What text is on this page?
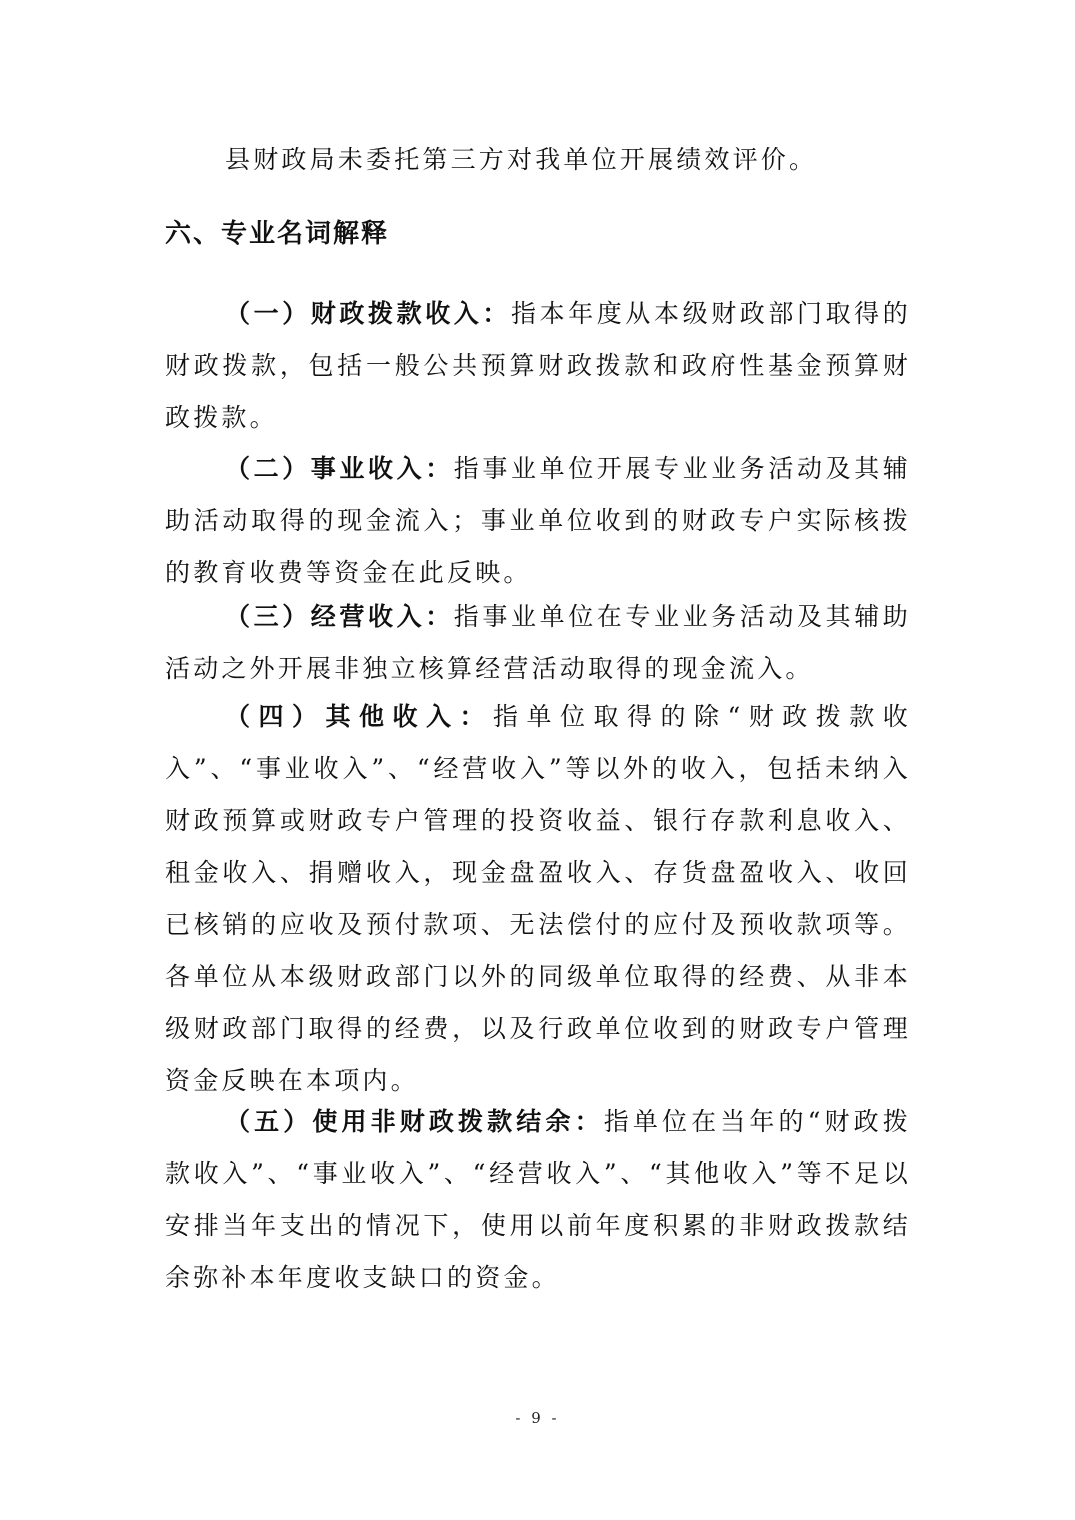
县财政局未委托第三方对我单位开展绩效评价。

六、专业名词解释

（一）财政拨款收入：指本年度从本级财政部门取得的财政拨款，包括一般公共预算财政拨款和政府性基金预算财政拨款。

（二）事业收入：指事业单位开展专业业务活动及其辅助活动取得的现金流入；事业单位收到的财政专户实际核拨的教育收费等资金在此反映。

（三）经营收入：指事业单位在专业业务活动及其辅助活动之外开展非独立核算经营活动取得的现金流入。

（四）其他收入：指单位取得的除“财政拨款收入”、“事业收入”、“经营收入”等以外的收入，包括未纳入财政预算或财政专户管理的投资收益、银行存款利息收入、租金收入、捐赠收入，现金盘盈收入、存货盘盈收入、收回已核销的应收及预付款项、无法偿付的应付及预收款项等。各单位从本级财政部门以外的同级单位取得的经费、从非本级财政部门取得的经费，以及行政单位收到的财政专户管理资金反映在本项内。

（五）使用非财政拨款结余：指单位在当年的“财政拨款收入”、“事业收入”、“经营收入”、“其他收入”等不足以安排当年支出的情况下，使用以前年度积累的非财政拨款结余弥补本年度收支缺口的资金。

- 9 -
